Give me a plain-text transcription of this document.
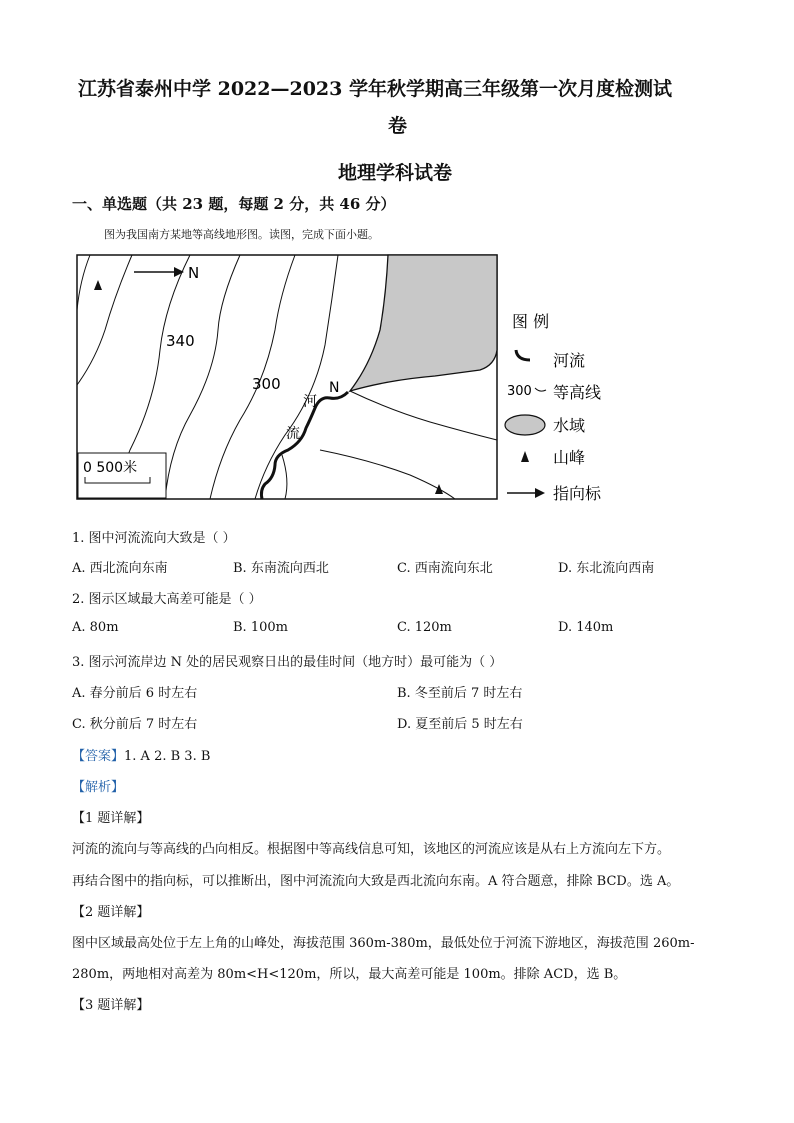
江苏省泰州中学 2022—2023 学年秋学期高三年级第一次月度检测试
卷
地理学科试卷
一、单选题（共 23 题，每题 2 分，共 46 分）
图为我国南方某地等高线地形图。读图，完成下面小题。
N
340
300	N
河
流
0 500米
图 例
河流
300 等高线
水域
山峰
指向标
1. 图中河流流向大致是（ ）
A. 西北流向东南	B. 东南流向西北	C. 西南流向东北	D. 东北流向西南
2. 图示区域最大高差可能是（ ）
A. 80m	B. 100m	C. 120m	D. 140m
3. 图示河流岸边 N 处的居民观察日出的最佳时间（地方时）最可能为（ ）
A. 春分前后 6 时左右	B. 冬至前后 7 时左右
C. 秋分前后 7 时左右	D. 夏至前后 5 时左右
【答案】1. A 2. B 3. B
【解析】
【1 题详解】
河流的流向与等高线的凸向相反。根据图中等高线信息可知，该地区的河流应该是从右上方流向左下方。
再结合图中的指向标，可以推断出，图中河流流向大致是西北流向东南。A 符合题意，排除 BCD。选 A。
【2 题详解】
图中区域最高处位于左上角的山峰处，海拔范围 360m-380m，最低处位于河流下游地区，海拔范围 260m-
280m，两地相对高差为 80m<H<120m，所以，最大高差可能是 100m。排除 ACD，选 B。
【3 题详解】
